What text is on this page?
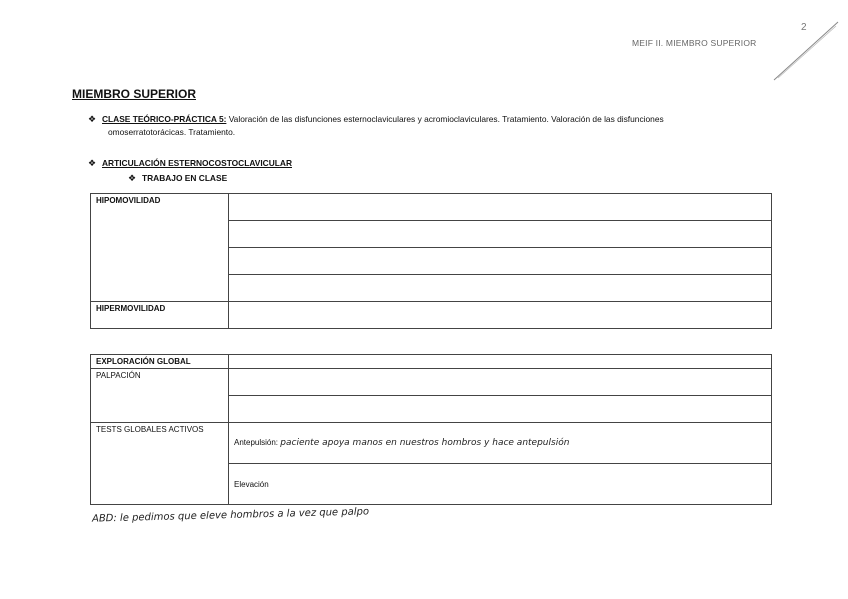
2
MEIF II. MIEMBRO SUPERIOR
MIEMBRO SUPERIOR
❖ CLASE TEÓRICO-PRÁCTICA 5: Valoración de las disfunciones esternoclaviculares y acromioclaviculares. Tratamiento. Valoración de las disfunciones
omoserratotorácicas. Tratamiento.
❖ ARTICULACIÓN ESTERNOCOSTOCLAVICULAR
❖ TRABAJO EN CLASE
HIPOMOVILIDAD	

HIPERMOVILIDAD	
EXPLORACIÓN GLOBAL	
PALPACIÓN	

TESTS GLOBALES ACTIVOS	Antepulsión: paciente apoya manos en nuestros hombros y hace antepulsión
	Elevación
ABD: le pedimos que eleve hombros a la vez que palpo
